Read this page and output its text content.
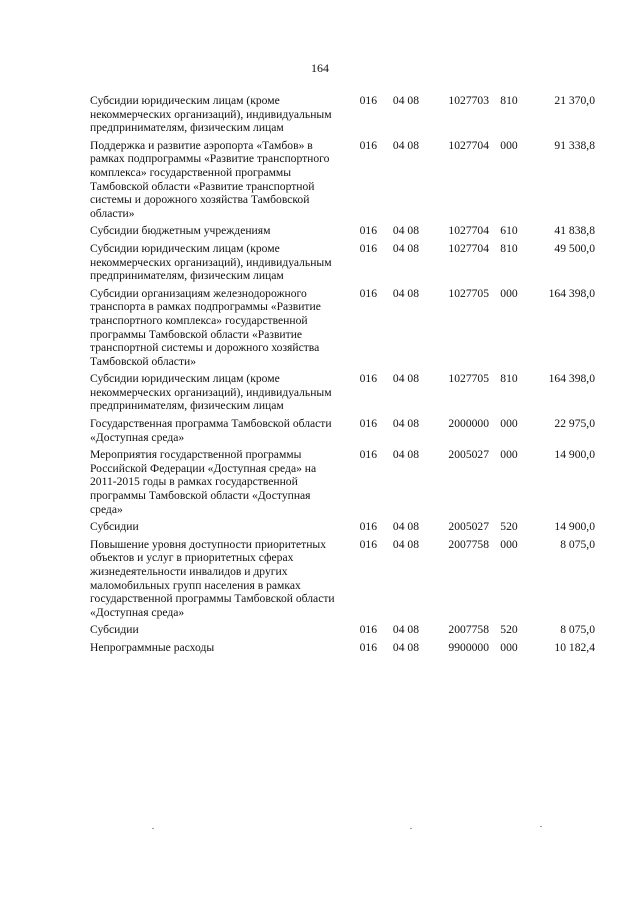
164
Субсидии юридическим лицам (кроме некоммерческих организаций), индивидуальным предпринимателям, физическим лицам	016	04 08	1027703	810	21 370,0
Поддержка и развитие аэропорта «Тамбов» в рамках подпрограммы «Развитие транспортного комплекса» государственной программы Тамбовской области «Развитие транспортной системы и дорожного хозяйства Тамбовской области»	016	04 08	1027704	000	91 338,8
Субсидии бюджетным учреждениям	016	04 08	1027704	610	41 838,8
Субсидии юридическим лицам (кроме некоммерческих организаций), индивидуальным предпринимателям, физическим лицам	016	04 08	1027704	810	49 500,0
Субсидии организациям железнодорожного транспорта в рамках подпрограммы «Развитие транспортного комплекса» государственной программы Тамбовской области «Развитие транспортной системы и дорожного хозяйства Тамбовской области»	016	04 08	1027705	000	164 398,0
Субсидии юридическим лицам (кроме некоммерческих организаций), индивидуальным предпринимателям, физическим лицам	016	04 08	1027705	810	164 398,0
Государственная программа Тамбовской области «Доступная среда»	016	04 08	2000000	000	22 975,0
Мероприятия государственной программы Российской Федерации «Доступная среда» на 2011-2015 годы в рамках государственной программы Тамбовской области «Доступная среда»	016	04 08	2005027	000	14 900,0
Субсидии	016	04 08	2005027	520	14 900,0
Повышение уровня доступности приоритетных объектов и услуг в приоритетных сферах жизнедеятельности инвалидов и других маломобильных групп населения в рамках государственной программы Тамбовской области «Доступная среда»	016	04 08	2007758	000	8 075,0
Субсидии	016	04 08	2007758	520	8 075,0
Непрограммные расходы	016	04 08	9900000	000	10 182,4
